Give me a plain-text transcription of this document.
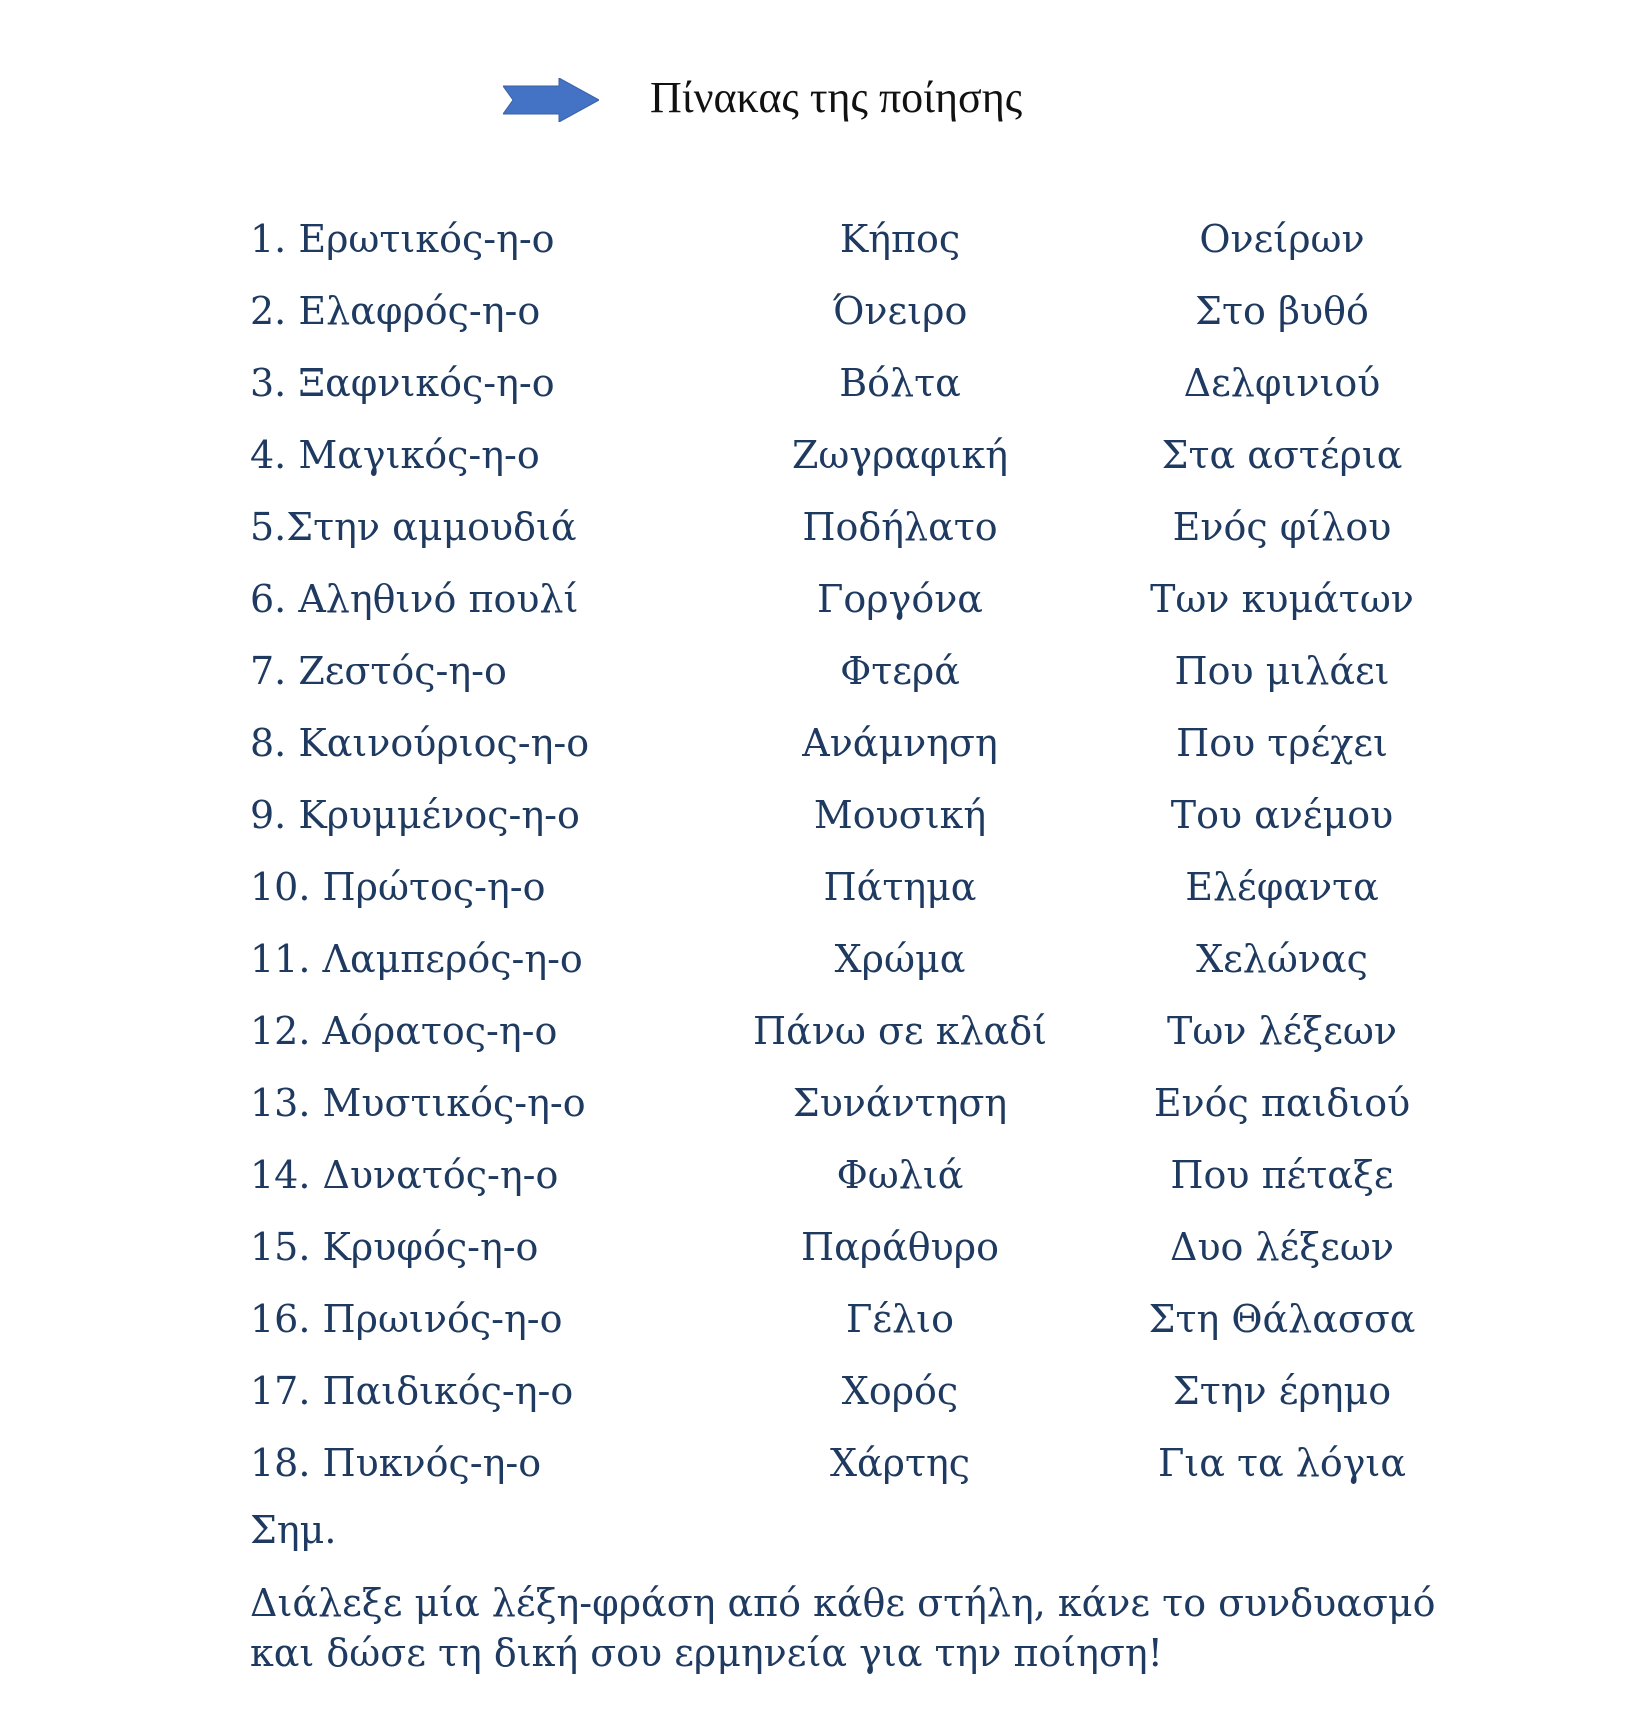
Πίνακας της ποίησης
1. Ερωτικός-η-ο
2. Ελαφρός-η-ο
3. Ξαφνικός-η-ο
4. Μαγικός-η-ο
5.Στην αμμουδιά
6. Αληθινό πουλί
7. Ζεστός-η-ο
8. Καινούριος-η-ο
9. Κρυμμένος-η-ο
10. Πρώτος-η-ο
11. Λαμπερός-η-ο
12. Αόρατος-η-ο
13. Μυστικός-η-ο
14. Δυνατός-η-ο
15. Κρυφός-η-ο
16. Πρωινός-η-ο
17. Παιδικός-η-ο
18. Πυκνός-η-ο
Κήπος
Όνειρο
Βόλτα
Ζωγραφική
Ποδήλατο
Γοργόνα
Φτερά
Ανάμνηση
Μουσική
Πάτημα
Χρώμα
Πάνω σε κλαδί
Συνάντηση
Φωλιά
Παράθυρο
Γέλιο
Χορός
Χάρτης
Ονείρων
Στο βυθό
Δελφινιού
Στα αστέρια
Ενός φίλου
Των κυμάτων
Που μιλάει
Που τρέχει
Του ανέμου
Ελέφαντα
Χελώνας
Των λέξεων
Ενός παιδιού
Που πέταξε
Δυο λέξεων
Στη Θάλασσα
Στην έρημο
Για τα λόγια
Σημ.
Διάλεξε μία λέξη-φράση από κάθε στήλη, κάνε το συνδυασμό
και δώσε τη δική σου ερμηνεία για την ποίηση!
